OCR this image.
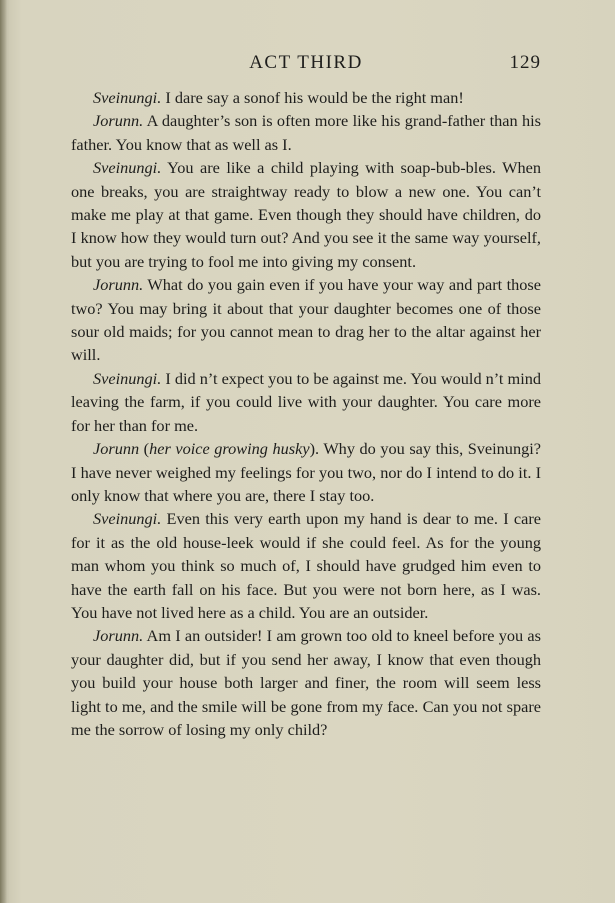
ACT THIRD	129

Sveinungi. I dare say a sonof his would be the right man!

Jorunn. A daughter’s son is often more like his grand-father than his father. You know that as well as I.

Sveinungi. You are like a child playing with soap-bub-bles. When one breaks, you are straightway ready to blow a new one. You can’t make me play at that game. Even though they should have children, do I know how they would turn out? And you see it the same way yourself, but you are trying to fool me into giving my consent.

Jorunn. What do you gain even if you have your way and part those two? You may bring it about that your daughter becomes one of those sour old maids; for you cannot mean to drag her to the altar against her will.

Sveinungi. I did n’t expect you to be against me. You would n’t mind leaving the farm, if you could live with your daughter. You care more for her than for me.

Jorunn (her voice growing husky). Why do you say this, Sveinungi? I have never weighed my feelings for you two, nor do I intend to do it. I only know that where you are, there I stay too.

Sveinungi. Even this very earth upon my hand is dear to me. I care for it as the old house-leek would if she could feel. As for the young man whom you think so much of, I should have grudged him even to have the earth fall on his face. But you were not born here, as I was. You have not lived here as a child. You are an outsider.

Jorunn. Am I an outsider! I am grown too old to kneel before you as your daughter did, but if you send her away, I know that even though you build your house both larger and finer, the room will seem less light to me, and the smile will be gone from my face. Can you not spare me the sorrow of losing my only child?
